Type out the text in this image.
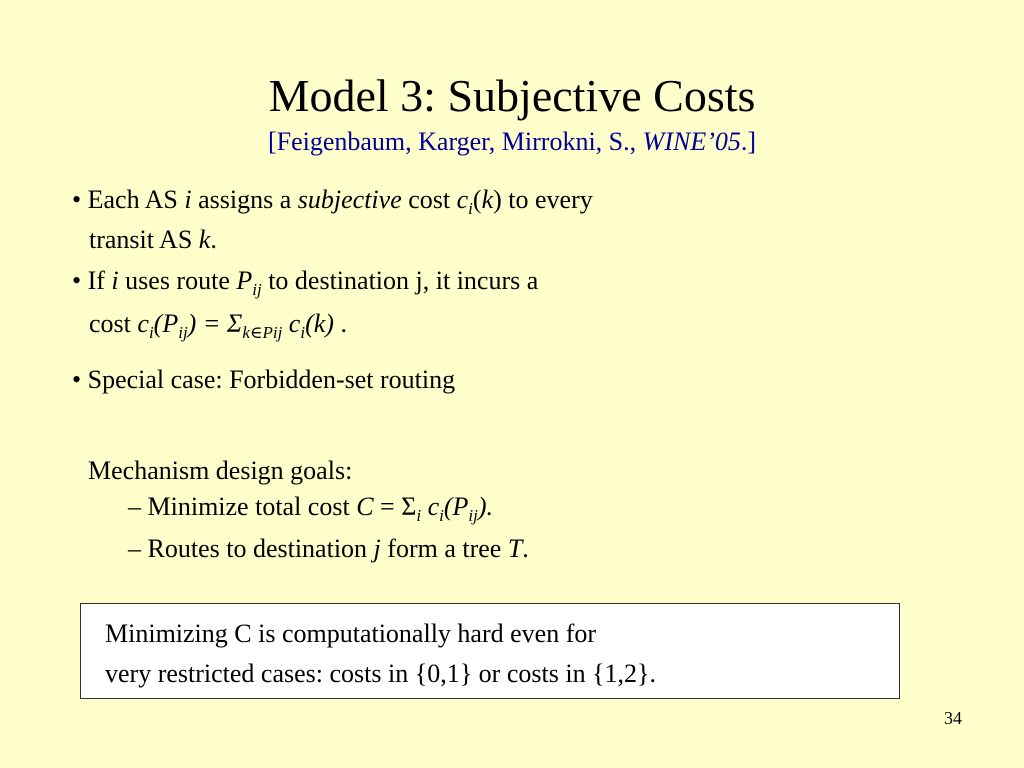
Model 3: Subjective Costs
[Feigenbaum, Karger, Mirrokni, S., WINE’05.]
• Each AS i assigns a subjective cost $c_i(k)$ to every
transit AS k.
• If i uses route $P_{ij}$ to destination j, it incurs a
cost $c_i(P_{ij}) = \Sigma_{k\in Pij}$ $c_i(k)$ .
• Special case: Forbidden-set routing
Mechanism design goals:
– Minimize total cost $C = \Sigma_i$ $c_i(P_{ij})$.
– Routes to destination j form a tree T.
Minimizing C is computationally hard even for
very restricted cases: costs in {0,1} or costs in {1,2}.
34
